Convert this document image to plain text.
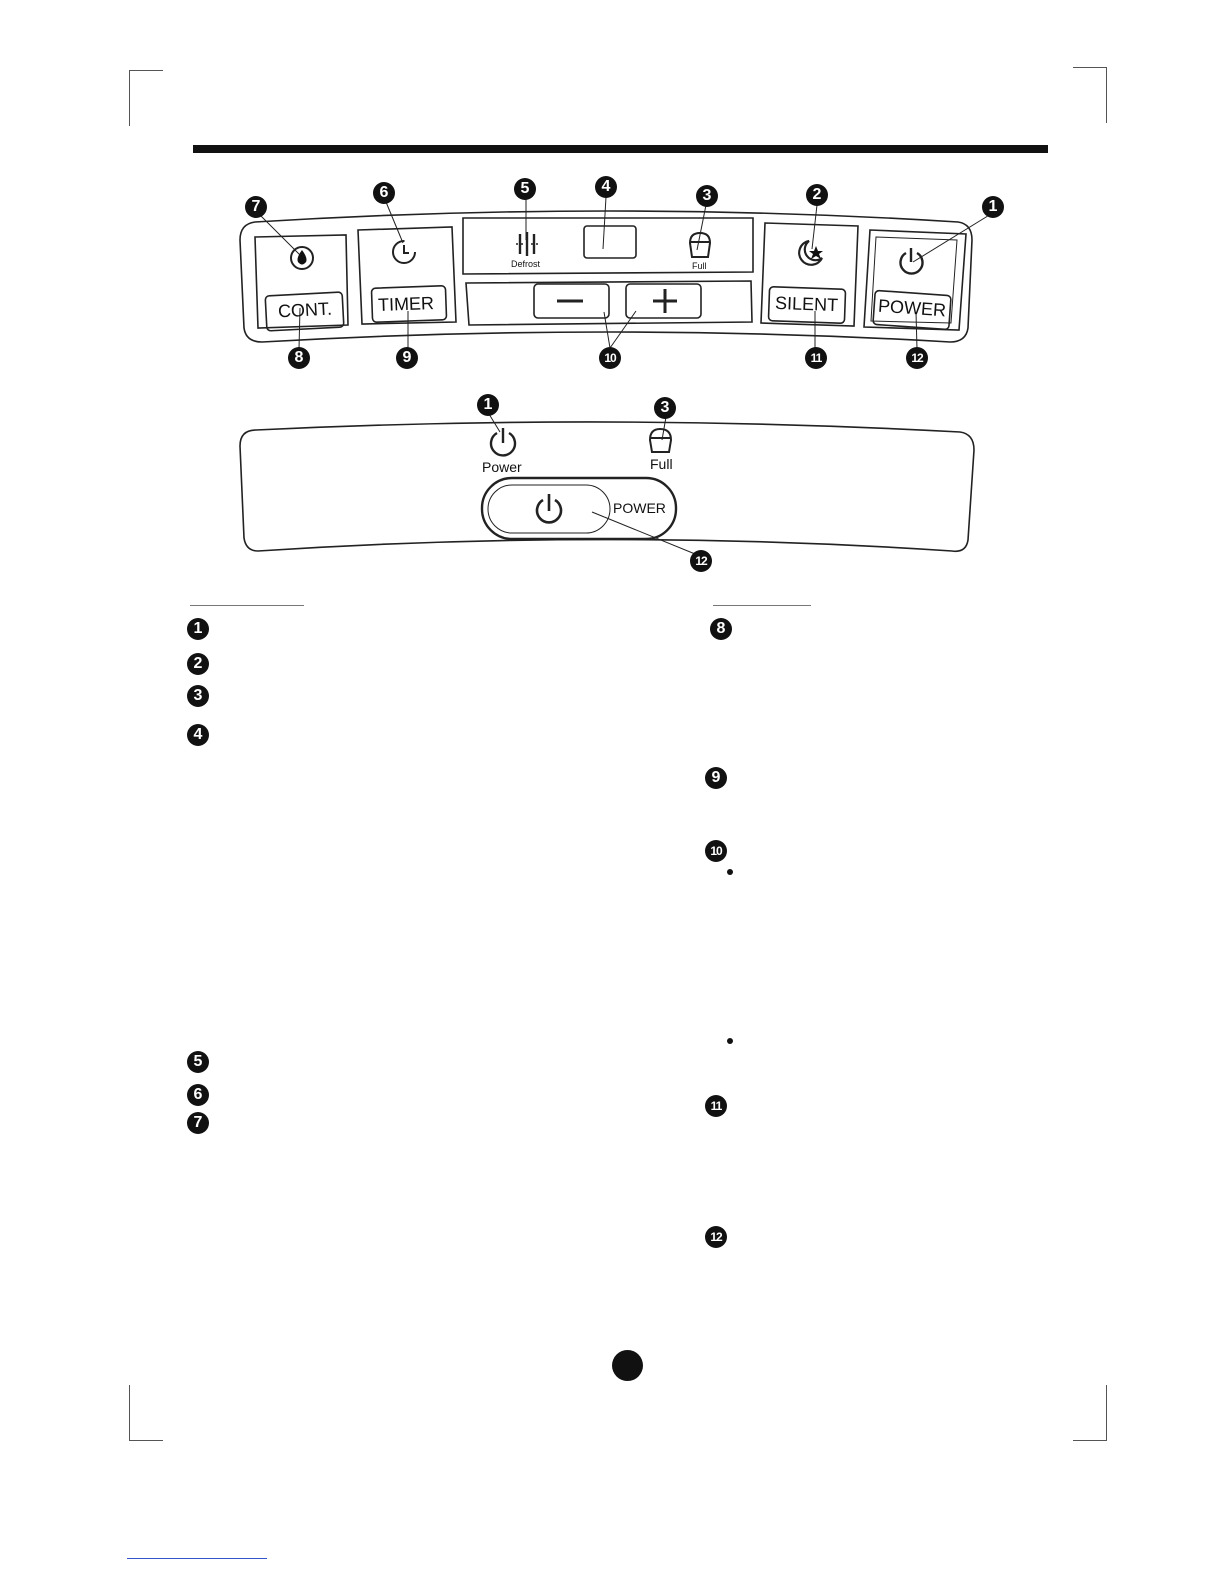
Defrost	Full
CONT.	TIMER	SILENT POWER
Power	Full
POWER
7
6	5	4
3	2
1
8	9	10	11	12
1	3
12
1
2
3
4
5
6
7
8
9
10
11
12
